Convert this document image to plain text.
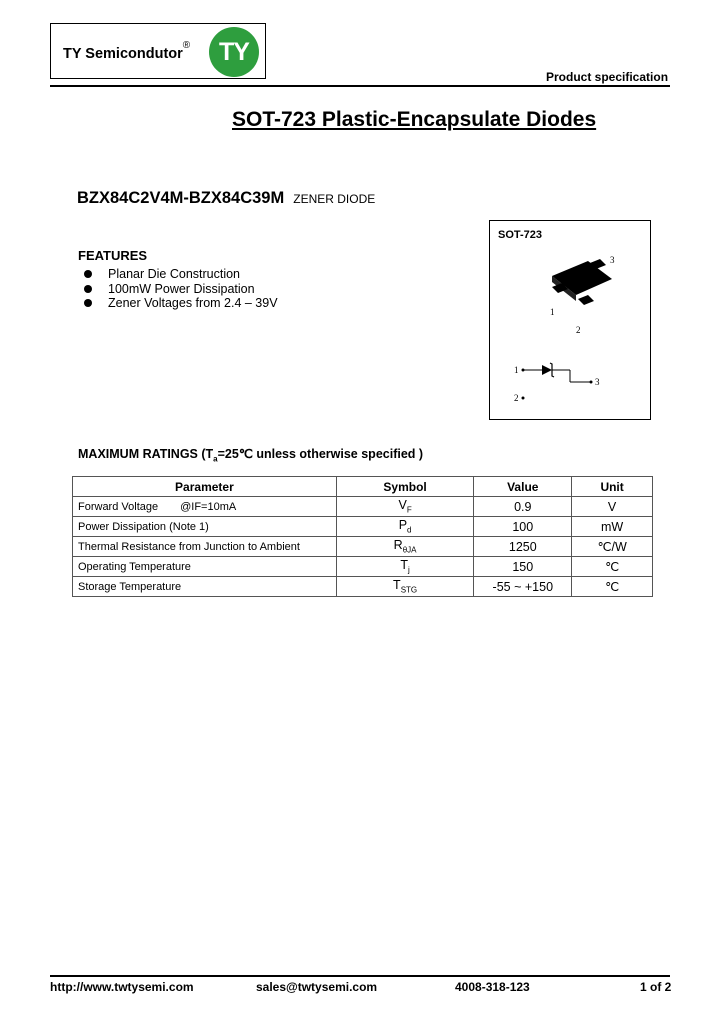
TY Semicondutor®	TY
Product specification
SOT-723 Plastic-Encapsulate Diodes
BZX84C2V4M-BZX84C39M ZENER DIODE
FEATURES
Planar Die Construction
100mW Power Dissipation
Zener Voltages from 2.4 – 39V
SOT-723
3
1
2
1
3
2
MAXIMUM RATINGS ($T_a=25℃$ unless otherwise specified )
Parameter	Symbol	Value	Unit
Forward Voltage @IF=10mA	$V_F$	0.9	V
Power Dissipation (Note 1)	$P_d$	100	mW
Thermal Resistance from Junction to Ambient	$R_{\theta JA}$	1250	℃/W
Operating Temperature	$T_j$	150	℃
Storage Temperature	$T_{STG}$	-55 ~ +150	℃
http://www.twtysemi.com	sales@twtysemi.com	4008-318-123	1 of 2
